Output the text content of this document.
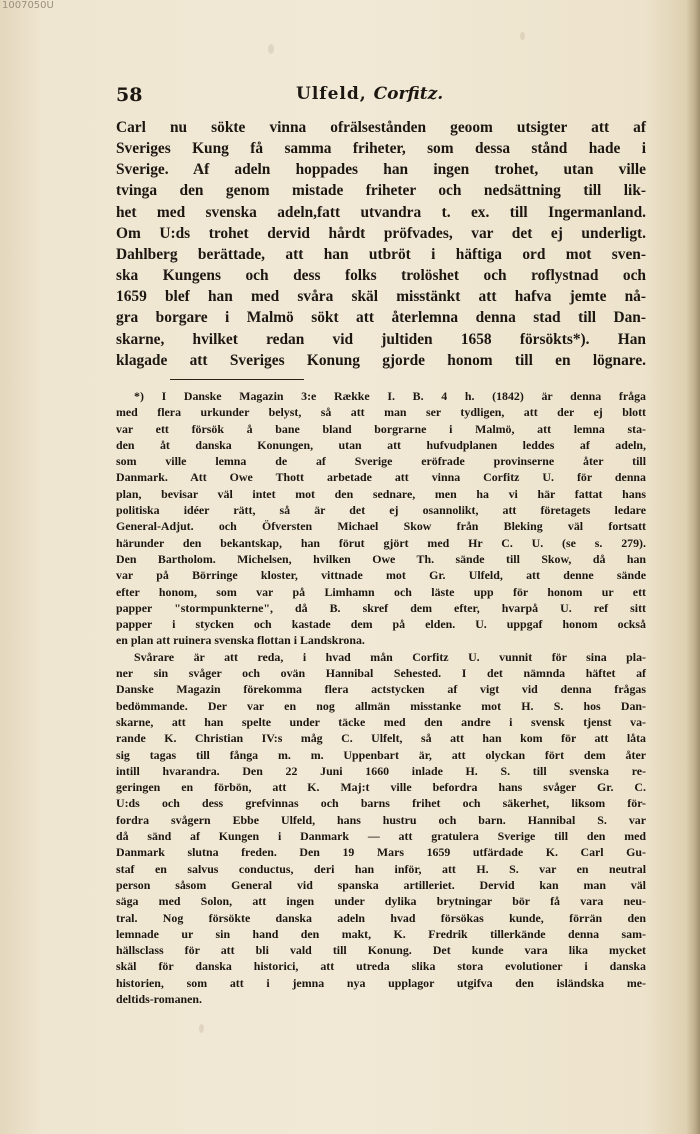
1007050U
58	Ulfeld, Corfitz.
Carl nu sökte vinna ofrälsestånden geoom utsigter att af
Sveriges Kung få samma friheter, som dessa stånd hade i
Sverige. Af adeln hoppades han ingen trohet, utan ville
tvinga den genom mistade friheter och nedsättning till lik-
het med svenska adeln,fatt utvandra t. ex. till Ingermanland.
Om U:ds trohet dervid hårdt pröfvades, var det ej underligt.
Dahlberg berättade, att han utbröt i häftiga ord mot sven-
ska Kungens och dess folks trolöshet och roflystnad och
1659 blef han med svåra skäl misstänkt att hafva jemte nå-
gra borgare i Malmö sökt att återlemna denna stad till Dan-
skarne, hvilket redan vid jultiden 1658 försökts*). Han
klagade att Sveriges Konung gjorde honom till en lögnare.
*) I Danske Magazin 3:e Række I. B. 4 h. (1842) är denna fråga
med flera urkunder belyst, så att man ser tydligen, att der ej blott
var ett försök å bane bland borgrarne i Malmö, att lemna sta-
den åt danska Konungen, utan att hufvudplanen leddes af adeln,
som ville lemna de af Sverige eröfrade provinserne åter till
Danmark. Att Owe Thott arbetade att vinna Corfitz U. för denna
plan, bevisar väl intet mot den sednare, men ha vi här fattat hans
politiska idéer rätt, så är det ej osannolikt, att företagets ledare
General-Adjut. och Öfversten Michael Skow från Bleking väl fortsatt
härunder den bekantskap, han förut gjört med Hr C. U. (se s. 279).
Den Bartholom. Michelsen, hvilken Owe Th. sände till Skow, då han
var på Börringe kloster, vittnade mot Gr. Ulfeld, att denne sände
efter honom, som var på Limhamn och läste upp för honom ur ett
papper "stormpunkterne", då B. skref dem efter, hvarpå U. ref sitt
papper i stycken och kastade dem på elden. U. uppgaf honom också
en plan att ruinera svenska flottan i Landskrona.
Svårare är att reda, i hvad mån Corfitz U. vunnit för sina pla-
ner sin svåger och ovän Hannibal Sehested. I det nämnda häftet af
Danske Magazin förekomma flera actstycken af vigt vid denna frågas
bedömmande. Der var en nog allmän misstanke mot H. S. hos Dan-
skarne, att han spelte under täcke med den andre i svensk tjenst va-
rande K. Christian IV:s måg C. Ulfelt, så att han kom för att låta
sig tagas till fånga m. m. Uppenbart är, att olyckan fört dem åter
intill hvarandra. Den 22 Juni 1660 inlade H. S. till svenska re-
geringen en förbön, att K. Maj:t ville befordra hans svåger Gr. C.
U:ds och dess grefvinnas och barns frihet och säkerhet, liksom för-
fordra svågern Ebbe Ulfeld, hans hustru och barn. Hannibal S. var
då sänd af Kungen i Danmark — att gratulera Sverige till den med
Danmark slutna freden. Den 19 Mars 1659 utfärdade K. Carl Gu-
staf en salvus conductus, deri han inför, att H. S. var en neutral
person såsom General vid spanska artilleriet. Dervid kan man väl
säga med Solon, att ingen under dylika brytningar bör få vara neu-
tral. Nog försökte danska adeln hvad försökas kunde, förrän den
lemnade ur sin hand den makt, K. Fredrik tillerkände denna sam-
hällsclass för att bli vald till Konung. Det kunde vara lika mycket
skäl för danska historici, att utreda slika stora evolutioner i danska
historien, som att i jemna nya upplagor utgifva den isländska me-
deltids-romanen.
